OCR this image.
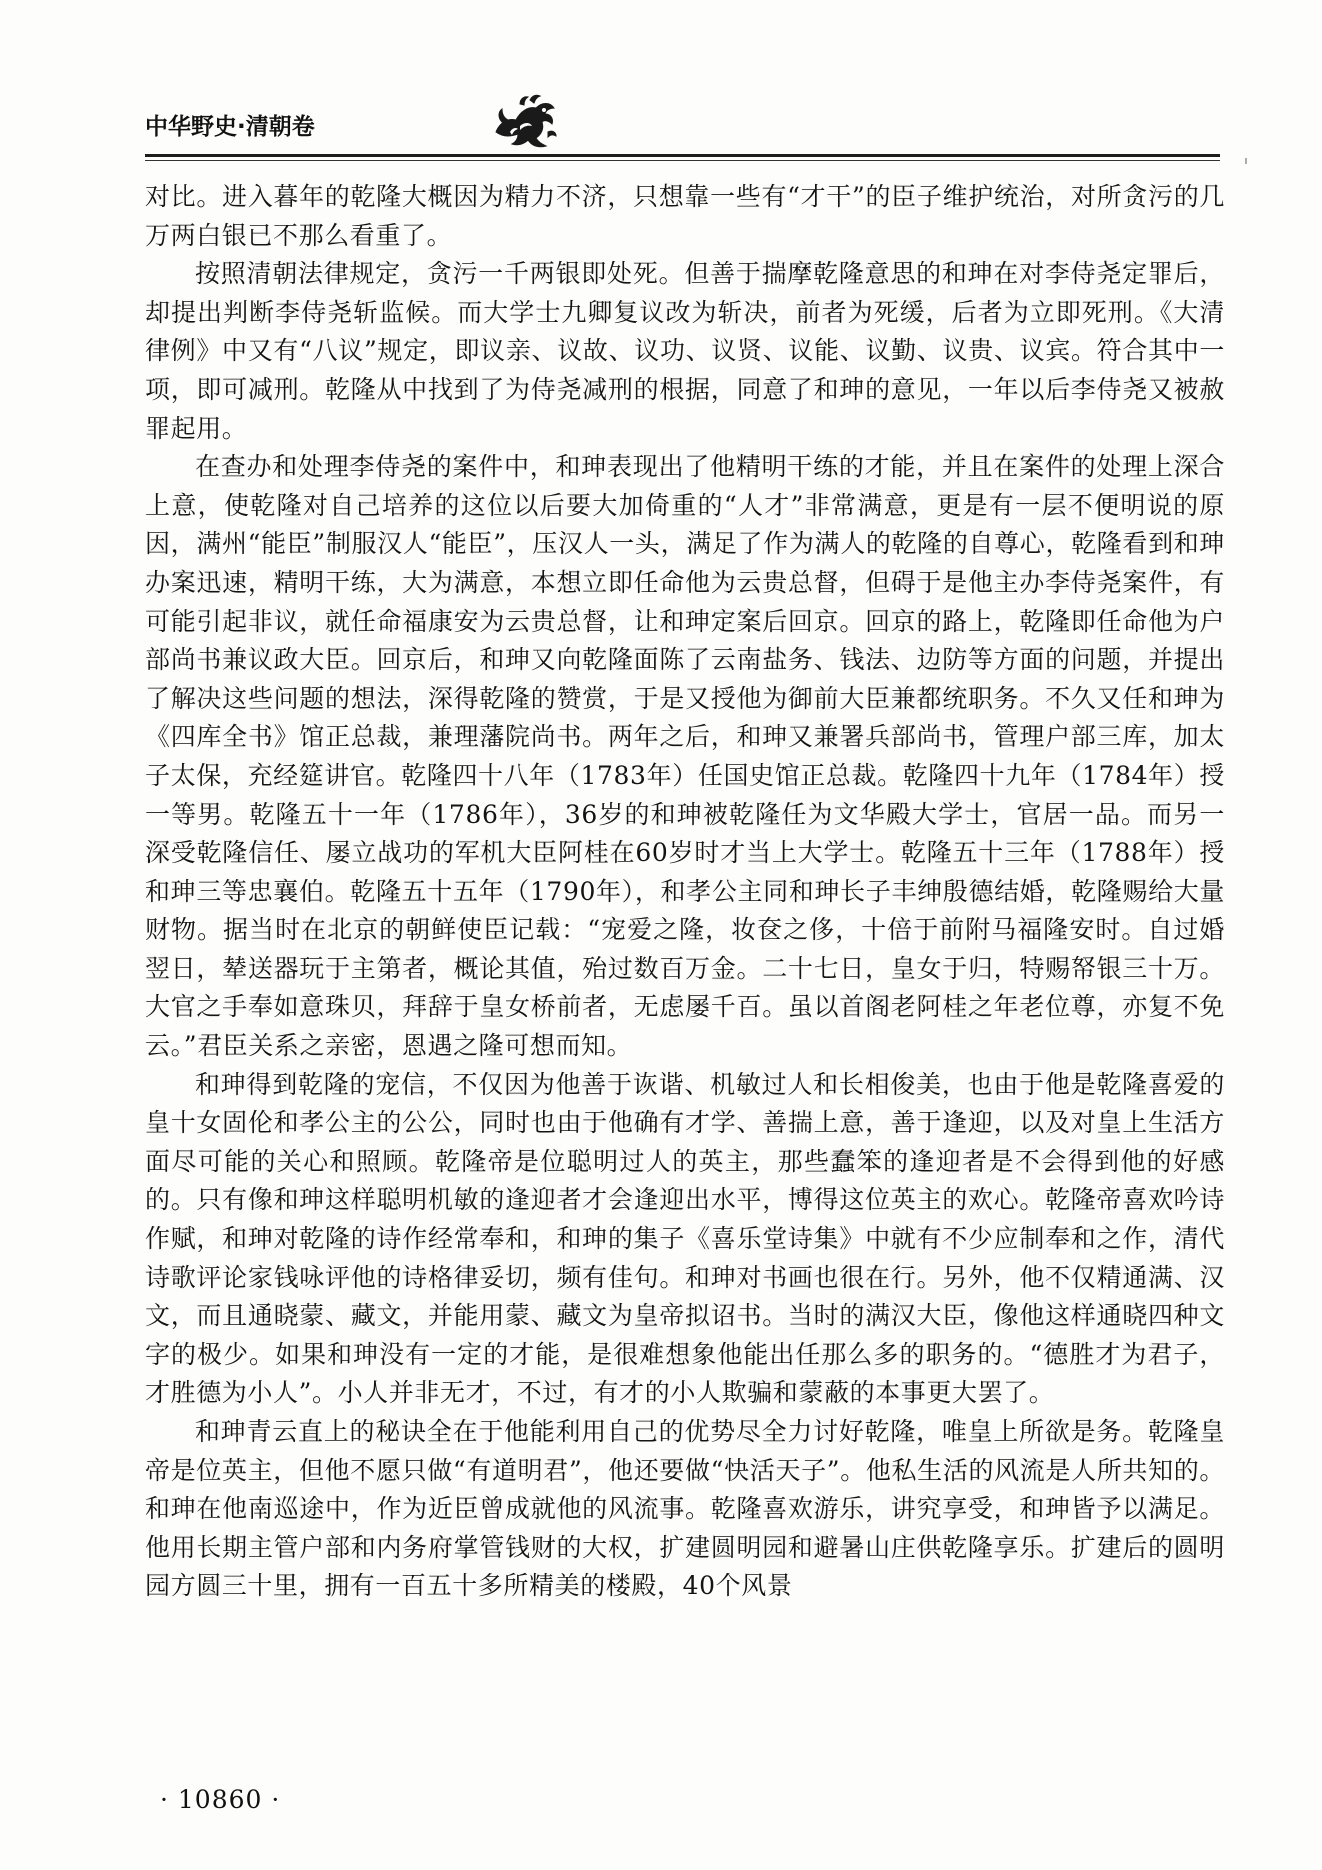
中华野史·清朝卷

对比。进入暮年的乾隆大概因为精力不济，只想靠一些有“才干”的臣子维护统治，对所贪污的几万两白银已不那么看重了。

按照清朝法律规定，贪污一千两银即处死。但善于揣摩乾隆意思的和珅在对李侍尧定罪后，却提出判断李侍尧斩监候。而大学士九卿复议改为斩决，前者为死缓，后者为立即死刑。《大清律例》中又有“八议”规定，即议亲、议故、议功、议贤、议能、议勤、议贵、议宾。符合其中一项，即可减刑。乾隆从中找到了为侍尧减刑的根据，同意了和珅的意见，一年以后李侍尧又被赦罪起用。

在查办和处理李侍尧的案件中，和珅表现出了他精明干练的才能，并且在案件的处理上深合上意，使乾隆对自己培养的这位以后要大加倚重的“人才”非常满意，更是有一层不便明说的原因，满州“能臣”制服汉人“能臣”，压汉人一头，满足了作为满人的乾隆的自尊心，乾隆看到和珅办案迅速，精明干练，大为满意，本想立即任命他为云贵总督，但碍于是他主办李侍尧案件，有可能引起非议，就任命福康安为云贵总督，让和珅定案后回京。回京的路上，乾隆即任命他为户部尚书兼议政大臣。回京后，和珅又向乾隆面陈了云南盐务、钱法、边防等方面的问题，并提出了解决这些问题的想法，深得乾隆的赞赏，于是又授他为御前大臣兼都统职务。不久又任和珅为《四库全书》馆正总裁，兼理藩院尚书。两年之后，和珅又兼署兵部尚书，管理户部三库，加太子太保，充经筵讲官。乾隆四十八年（1783年）任国史馆正总裁。乾隆四十九年（1784年）授一等男。乾隆五十一年（1786年），36岁的和珅被乾隆任为文华殿大学士，官居一品。而另一深受乾隆信任、屡立战功的军机大臣阿桂在60岁时才当上大学士。乾隆五十三年（1788年）授和珅三等忠襄伯。乾隆五十五年（1790年），和孝公主同和珅长子丰绅殷德结婚，乾隆赐给大量财物。据当时在北京的朝鲜使臣记载：“宠爱之隆，妆奁之侈，十倍于前附马福隆安时。自过婚翌日，辇送器玩于主第者，概论其值，殆过数百万金。二十七日，皇女于归，特赐帑银三十万。大官之手奉如意珠贝，拜辞于皇女桥前者，无虑屡千百。虽以首阁老阿桂之年老位尊，亦复不免云。”君臣关系之亲密，恩遇之隆可想而知。

和珅得到乾隆的宠信，不仅因为他善于诙谐、机敏过人和长相俊美，也由于他是乾隆喜爱的皇十女固伦和孝公主的公公，同时也由于他确有才学、善揣上意，善于逢迎，以及对皇上生活方面尽可能的关心和照顾。乾隆帝是位聪明过人的英主，那些蠢笨的逢迎者是不会得到他的好感的。只有像和珅这样聪明机敏的逢迎者才会逢迎出水平，博得这位英主的欢心。乾隆帝喜欢吟诗作赋，和珅对乾隆的诗作经常奉和，和珅的集子《喜乐堂诗集》中就有不少应制奉和之作，清代诗歌评论家钱咏评他的诗格律妥切，频有佳句。和珅对书画也很在行。另外，他不仅精通满、汉文，而且通晓蒙、藏文，并能用蒙、藏文为皇帝拟诏书。当时的满汉大臣，像他这样通晓四种文字的极少。如果和珅没有一定的才能，是很难想象他能出任那么多的职务的。“德胜才为君子，才胜德为小人”。小人并非无才，不过，有才的小人欺骗和蒙蔽的本事更大罢了。

和珅青云直上的秘诀全在于他能利用自己的优势尽全力讨好乾隆，唯皇上所欲是务。乾隆皇帝是位英主，但他不愿只做“有道明君”，他还要做“快活天子”。他私生活的风流是人所共知的。和珅在他南巡途中，作为近臣曾成就他的风流事。乾隆喜欢游乐，讲究享受，和珅皆予以满足。他用长期主管户部和内务府掌管钱财的大权，扩建圆明园和避暑山庄供乾隆享乐。扩建后的圆明园方圆三十里，拥有一百五十多所精美的楼殿，40个风景

· 10860 ·
